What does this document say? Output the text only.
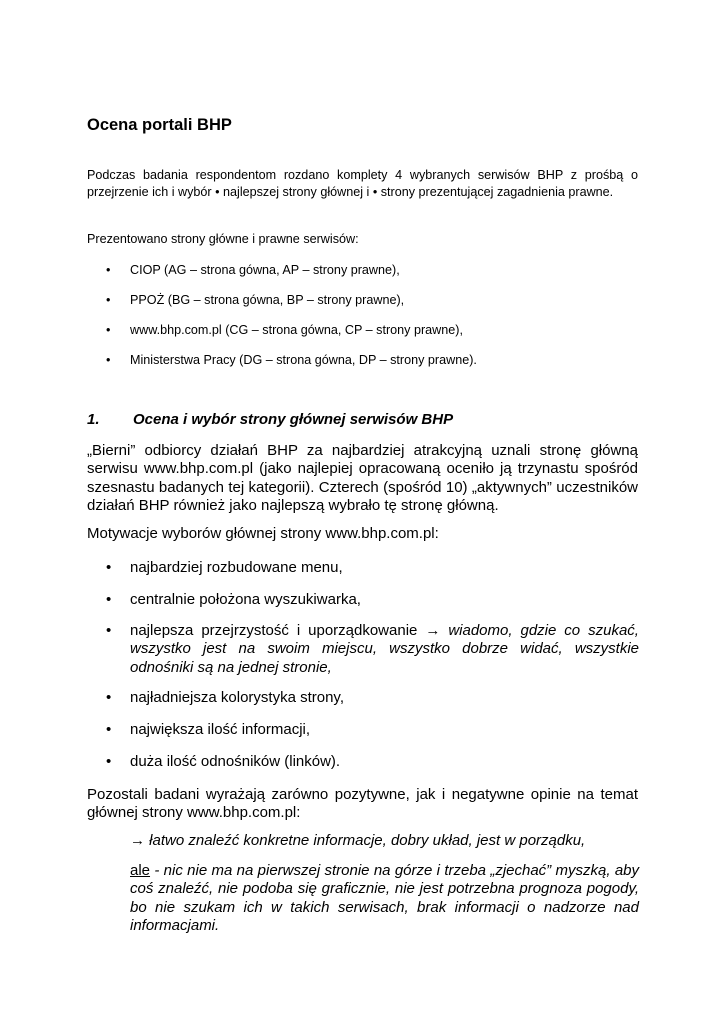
Ocena portali BHP

Podczas badania respondentom rozdano komplety 4 wybranych serwisów BHP z prośbą o przejrzenie ich i wybór • najlepszej strony głównej i • strony prezentującej zagadnienia prawne.

Prezentowano strony główne i prawne serwisów:

• CIOP (AG – strona gówna, AP – strony prawne),
• PPOŻ (BG – strona gówna, BP – strony prawne),
• www.bhp.com.pl (CG – strona gówna, CP – strony prawne),
• Ministerstwa Pracy (DG – strona gówna, DP – strony prawne).
1. Ocena i wybór strony głównej serwisów BHP

„Bierni” odbiorcy działań BHP za najbardziej atrakcyjną uznali stronę główną serwisu www.bhp.com.pl (jako najlepiej opracowaną oceniło ją trzynastu spośród szesnastu badanych tej kategorii). Czterech (spośród 10) „aktywnych” uczestników działań BHP również jako najlepszą wybrało tę stronę główną.

Motywacje wyborów głównej strony www.bhp.com.pl:

• najbardziej rozbudowane menu,
• centralnie położona wyszukiwarka,
• najlepsza przejrzystość i uporządkowanie → wiadomo, gdzie co szukać, wszystko jest na swoim miejscu, wszystko dobrze widać, wszystkie odnośniki są na jednej stronie,
• najładniejsza kolorystyka strony,
• największa ilość informacji,
• duża ilość odnośników (linków).

Pozostali badani wyrażają zarówno pozytywne, jak i negatywne opinie na temat głównej strony www.bhp.com.pl:

→ łatwo znaleźć konkretne informacje, dobry układ, jest w porządku,

ale - nic nie ma na pierwszej stronie na górze i trzeba „zjechać” myszką, aby coś znaleźć, nie podoba się graficznie, nie jest potrzebna prognoza pogody, bo nie szukam ich w takich serwisach, brak informacji o nadzorze nad informacjami.
